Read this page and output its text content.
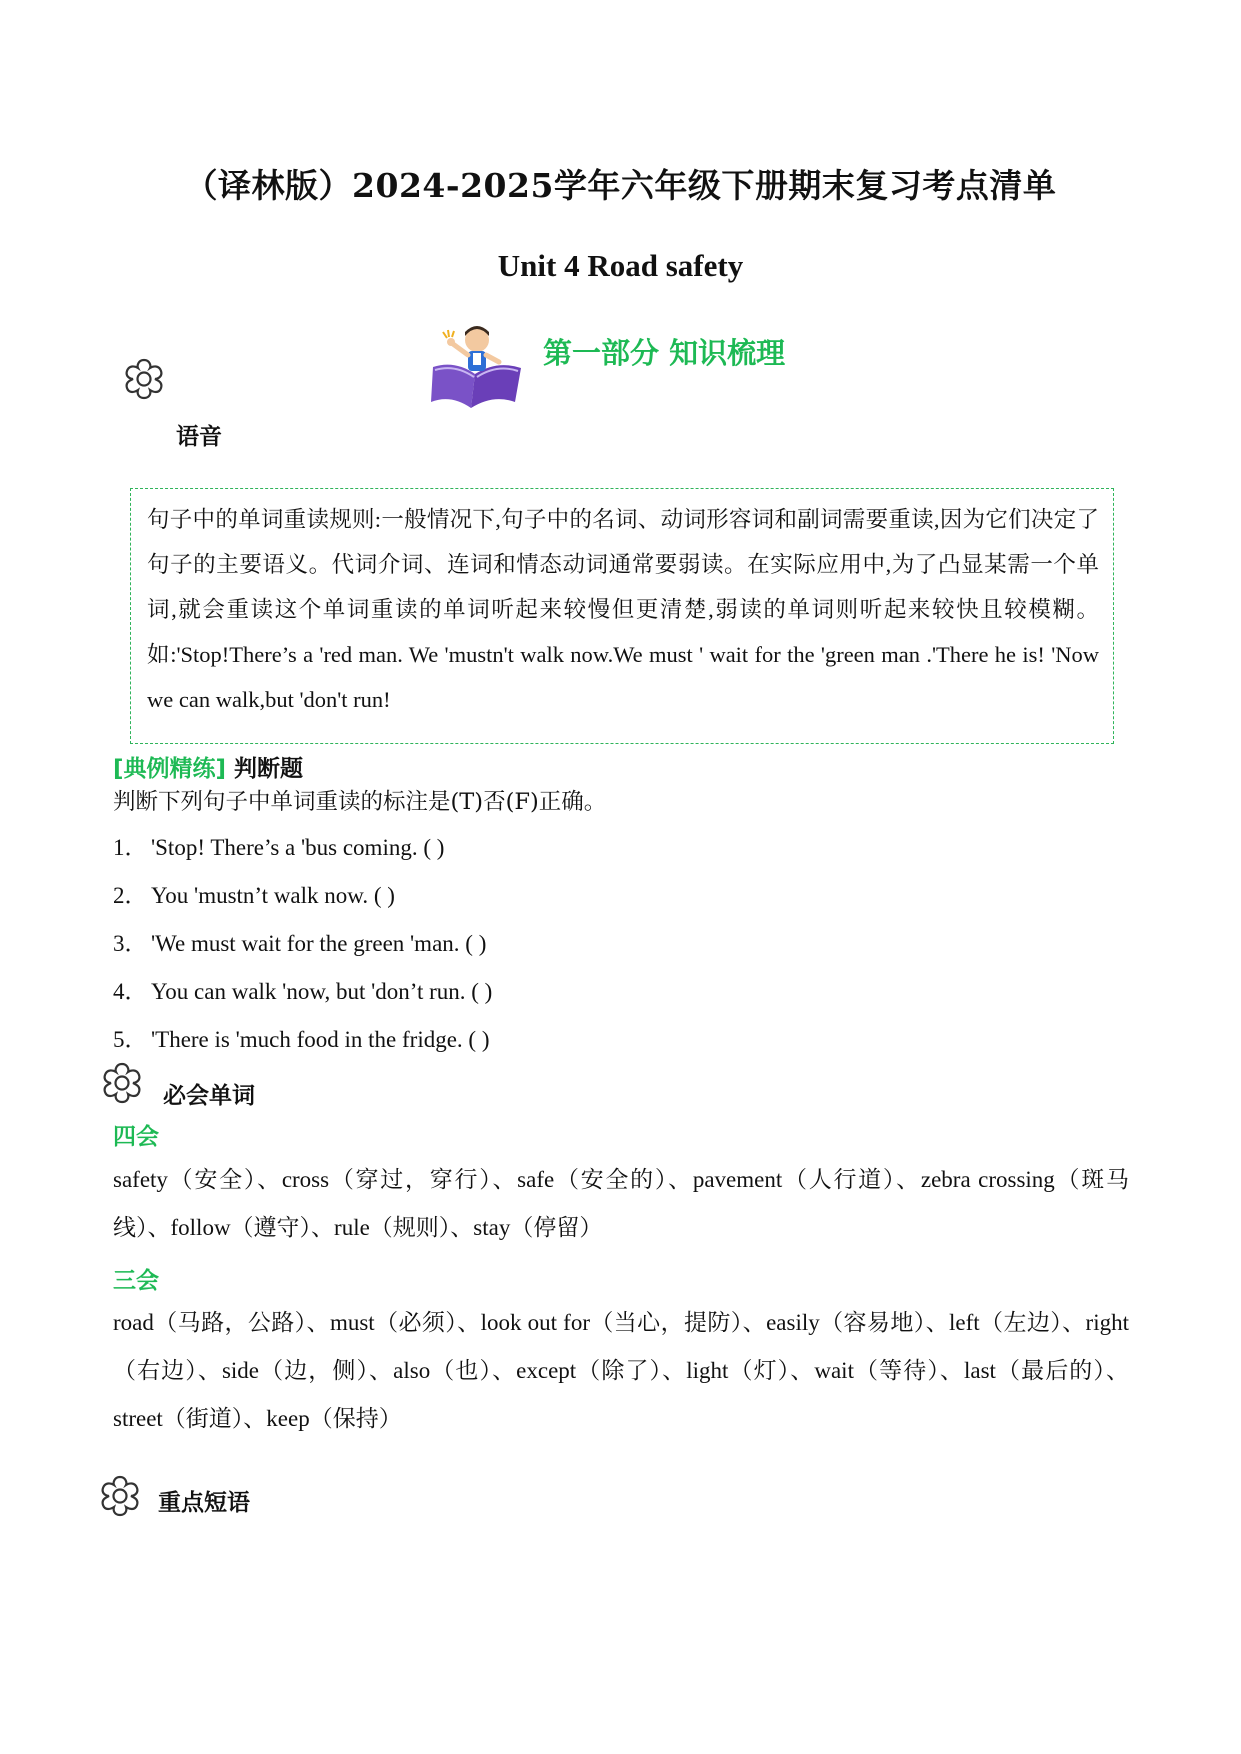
（译林版）2024-2025学年六年级下册期末复习考点清单
Unit 4 Road safety
第一部分 知识梳理
语音

句子中的单词重读规则:一般情况下,句子中的名词、动词形容词和副词需要重读,因为它们决定了句子的主要语义。代词介词、连词和情态动词通常要弱读。在实际应用中,为了凸显某需一个单词,就会重读这个单词重读的单词听起来较慢但更清楚,弱读的单词则听起来较快且较模糊。如:'Stop!There’s a 'red man. We 'mustn't walk now.We must ' wait for the 'green man .'There he is! 'Now we can walk,but 'don't run!

[典例精练] 判断题
判断下列句子中单词重读的标注是(T)否(F)正确。
1． 'Stop! There’s a 'bus coming. ( )
2． You 'mustn’t walk now. ( )
3． 'We must wait for the green 'man. ( )
4． You can walk 'now, but 'don’t run. ( )
5． 'There is 'much food in the fridge. ( )
必会单词
四会

safety（安全）、cross（穿过，穿行）、safe（安全的）、pavement（人行道）、zebra crossing（斑马线）、follow（遵守）、rule（规则）、stay（停留）

三会

road（马路，公路）、must（必须）、look out for（当心，提防）、easily（容易地）、left（左边）、right（右边）、side（边，侧）、also（也）、except（除了）、light（灯）、wait（等待）、last（最后的）、street（街道）、keep（保持）

重点短语
